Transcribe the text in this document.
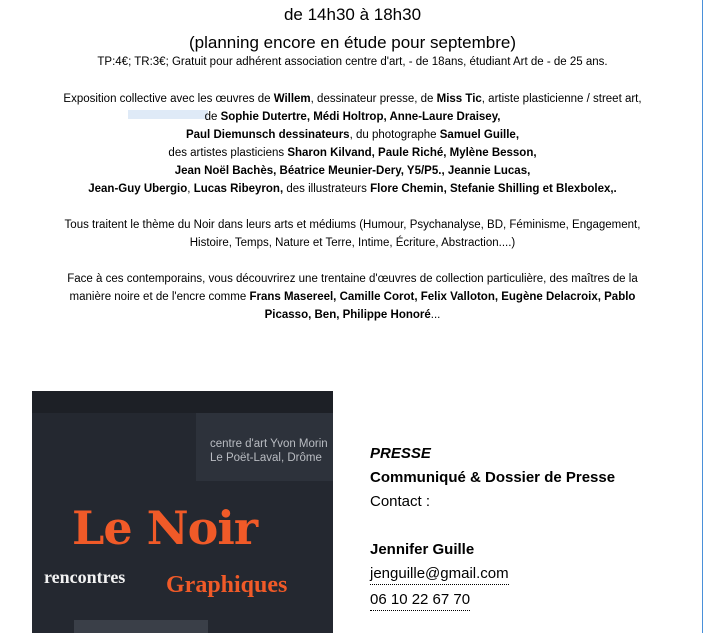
de 14h30 à 18h30
(planning encore en étude pour septembre)
TP:4€; TR:3€; Gratuit pour adhérent association centre d'art, - de 18ans, étudiant Art de - de 25 ans.
Exposition collective avec les œuvres de Willem, dessinateur presse, de Miss Tic, artiste plasticienne / street art,
de Sophie Dutertre, Médi Holtrop, Anne-Laure Draisey,
Paul Diemunsch dessinateurs, du photographe Samuel Guille,
des artistes plasticiens Sharon Kilvand, Paule Riché, Mylène Besson,
Jean Noël Bachès, Béatrice Meunier-Dery, Y5/P5., Jeannie Lucas,
Jean-Guy Ubergio, Lucas Ribeyron, des illustrateurs Flore Chemin, Stefanie Shilling et Blexbolex,.
Tous traitent le thème du Noir dans leurs arts et médiums (Humour, Psychanalyse, BD, Féminisme, Engagement,
Histoire, Temps, Nature et Terre, Intime, Écriture, Abstraction....)
Face à ces contemporains, vous découvrirez une trentaine d'œuvres de collection particulière, des maîtres de la
manière noire et de l'encre comme Frans Masereel, Camille Corot, Felix Valloton, Eugène Delacroix, Pablo
Picasso, Ben, Philippe Honoré...
centre d'art Yvon Morin
Le Poët-Laval, Drôme
Le Noir
rencontres Graphiques
PRESSE
Communiqué & Dossier de Presse
Contact :
Jennifer Guille
jenguille@gmail.com
06 10 22 67 70
